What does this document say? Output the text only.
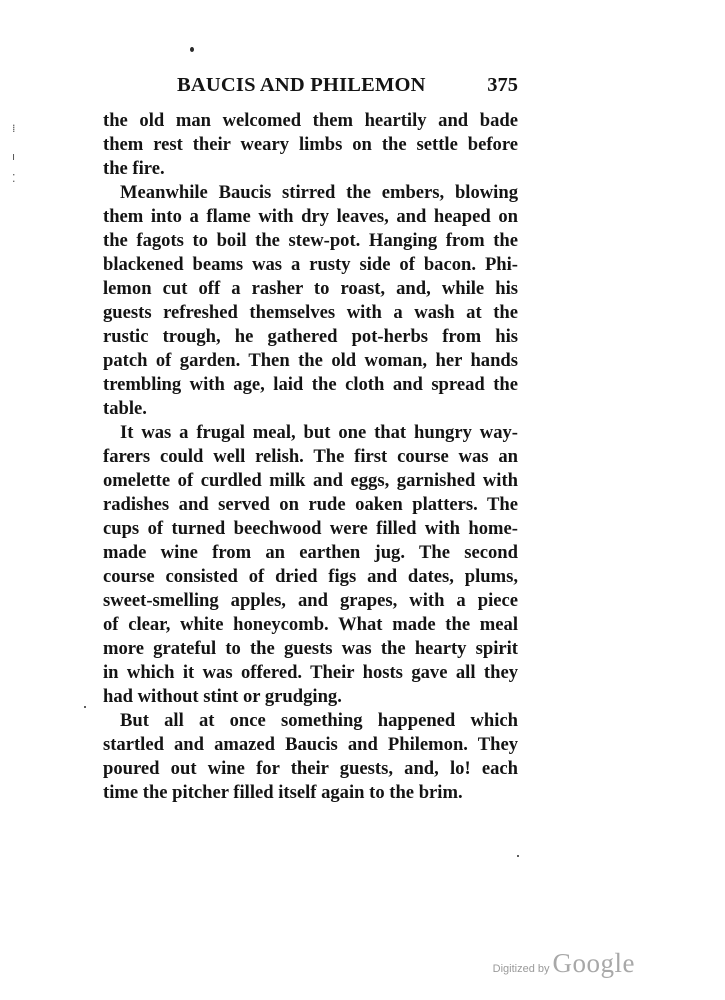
⁞
ı
⁚
BAUCIS AND PHILEMON	375
the old man welcomed them heartily and bade
them rest their weary limbs on the settle before
the fire.
Meanwhile Baucis stirred the embers, blowing
them into a flame with dry leaves, and heaped on
the fagots to boil the stew-pot. Hanging from the
blackened beams was a rusty side of bacon. Phi-
lemon cut off a rasher to roast, and, while his
guests refreshed themselves with a wash at the
rustic trough, he gathered pot-herbs from his
patch of garden. Then the old woman, her hands
trembling with age, laid the cloth and spread the
table.
It was a frugal meal, but one that hungry way-
farers could well relish. The first course was an
omelette of curdled milk and eggs, garnished with
radishes and served on rude oaken platters. The
cups of turned beechwood were filled with home-
made wine from an earthen jug. The second
course consisted of dried figs and dates, plums,
sweet-smelling apples, and grapes, with a piece
of clear, white honeycomb. What made the meal
more grateful to the guests was the hearty spirit
in which it was offered. Their hosts gave all they
had without stint or grudging.
But all at once something happened which
startled and amazed Baucis and Philemon. They
poured out wine for their guests, and, lo! each
time the pitcher filled itself again to the brim.
Digitized by Google
